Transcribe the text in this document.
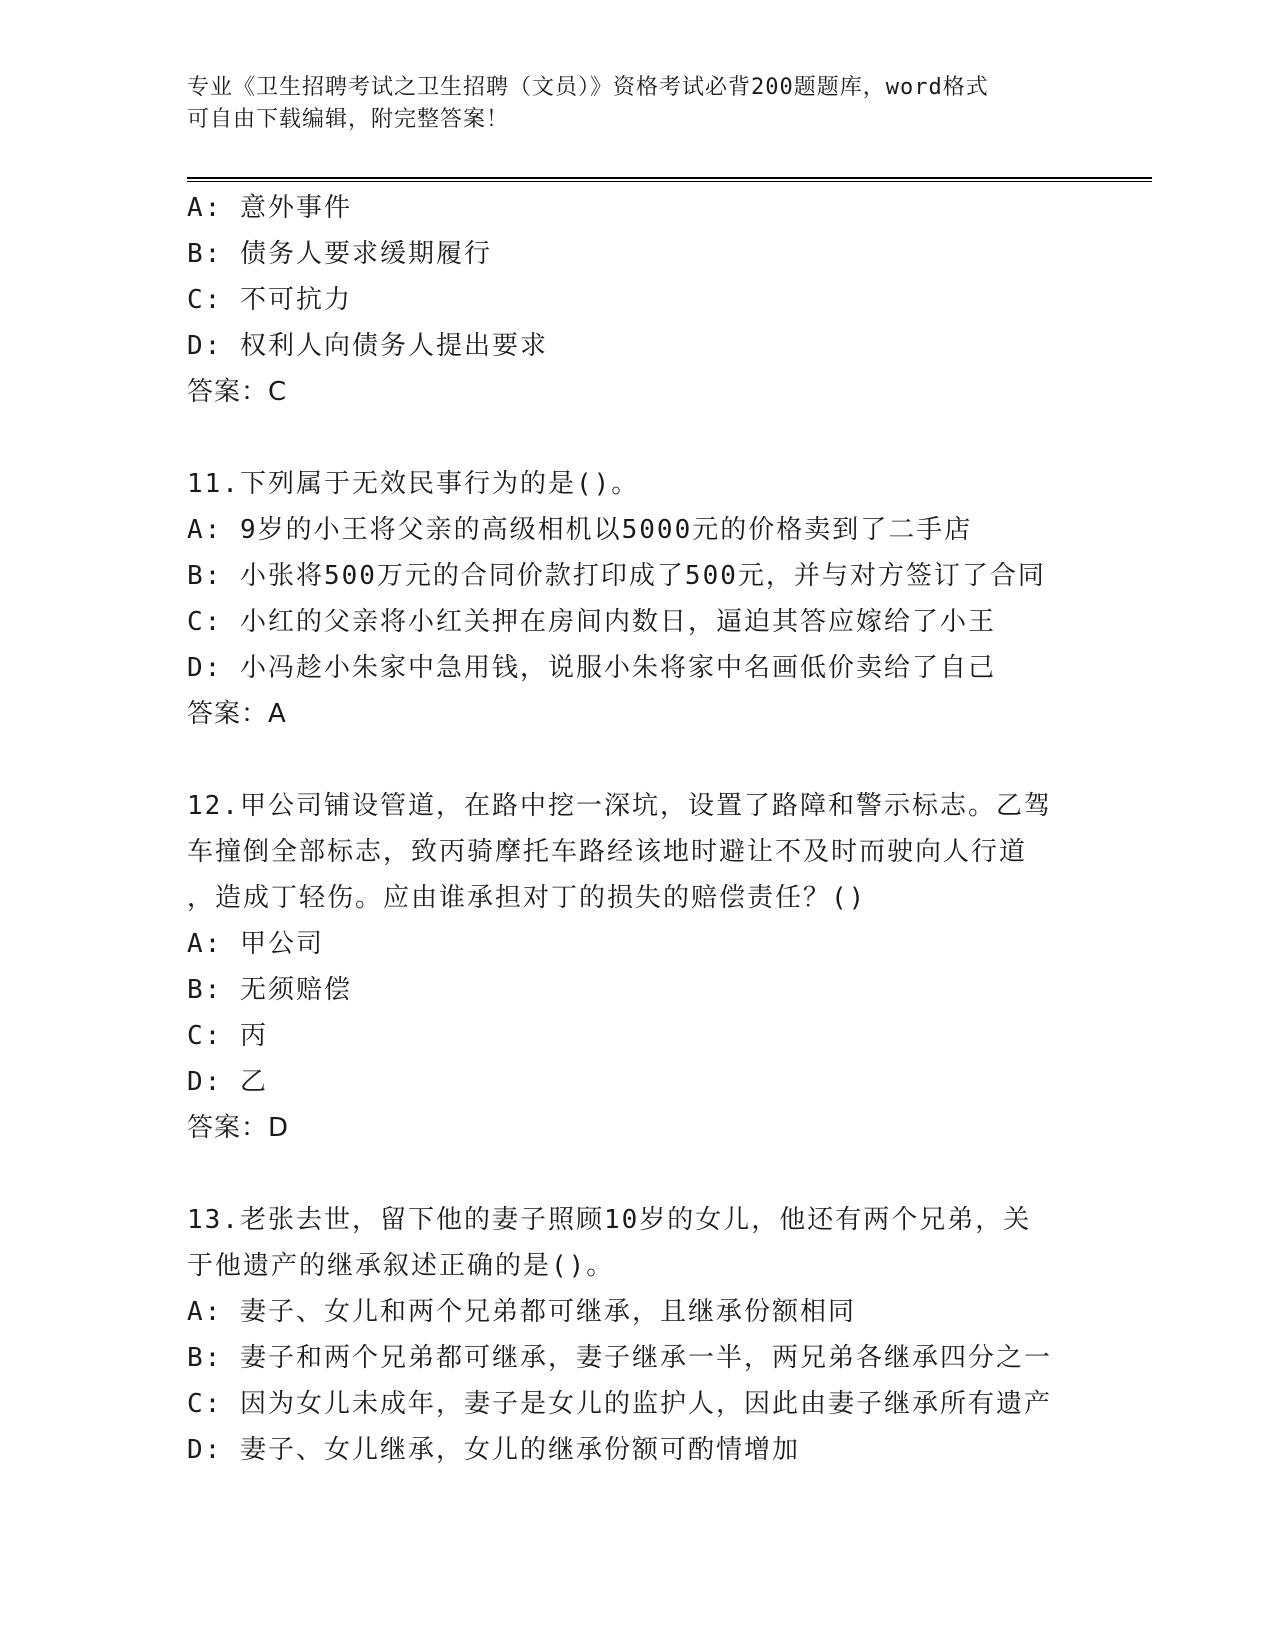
专业《卫生招聘考试之卫生招聘（文员）》资格考试必背200题题库，word格式
可自由下载编辑，附完整答案！
A: 意外事件
B: 债务人要求缓期履行
C: 不可抗力
D: 权利人向债务人提出要求
答案：C
11.下列属于无效民事行为的是()。
A: 9岁的小王将父亲的高级相机以5000元的价格卖到了二手店
B: 小张将500万元的合同价款打印成了500元，并与对方签订了合同
C: 小红的父亲将小红关押在房间内数日，逼迫其答应嫁给了小王
D: 小冯趁小朱家中急用钱，说服小朱将家中名画低价卖给了自己
答案：A
12.甲公司铺设管道，在路中挖一深坑，设置了路障和警示标志。乙驾
车撞倒全部标志，致丙骑摩托车路经该地时避让不及时而驶向人行道
，造成丁轻伤。应由谁承担对丁的损失的赔偿责任？()
A: 甲公司
B: 无须赔偿
C: 丙
D: 乙
答案：D
13.老张去世，留下他的妻子照顾10岁的女儿，他还有两个兄弟，关
于他遗产的继承叙述正确的是()。
A: 妻子、女儿和两个兄弟都可继承，且继承份额相同
B: 妻子和两个兄弟都可继承，妻子继承一半，两兄弟各继承四分之一
C: 因为女儿未成年，妻子是女儿的监护人，因此由妻子继承所有遗产
D: 妻子、女儿继承，女儿的继承份额可酌情增加
